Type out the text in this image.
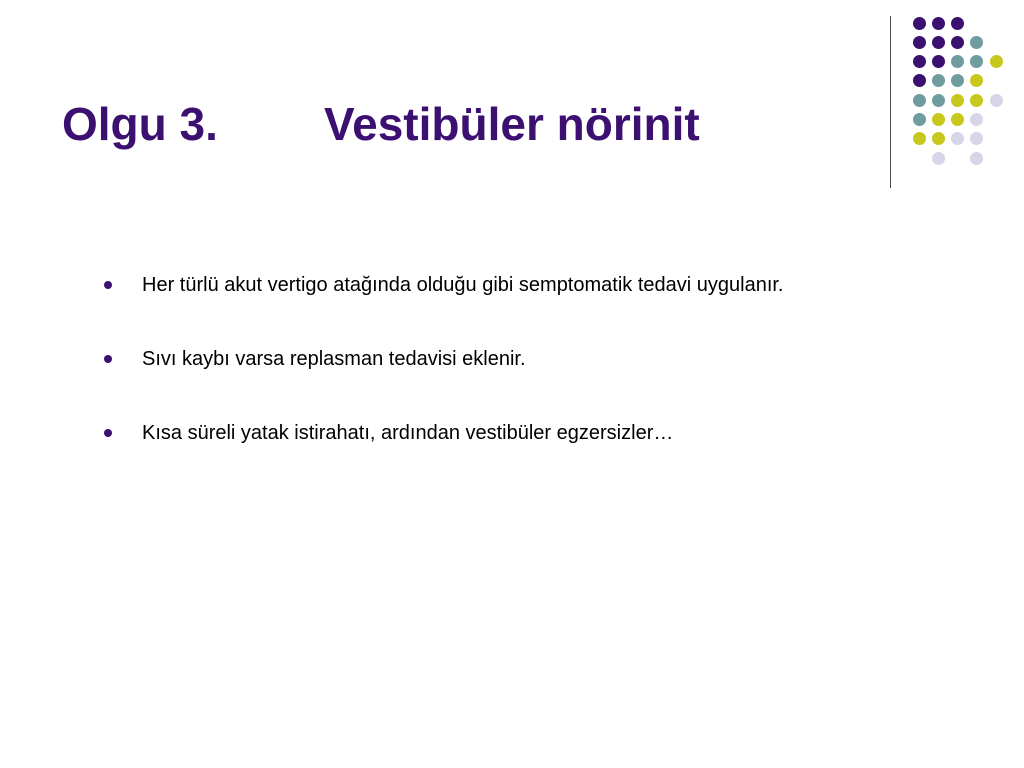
Olgu 3. Vestibüler nörinit
Her türlü akut vertigo atağında olduğu gibi semptomatik tedavi uygulanır.
Sıvı kaybı varsa replasman tedavisi eklenir.
Kısa süreli yatak istirahatı, ardından vestibüler egzersizler…
